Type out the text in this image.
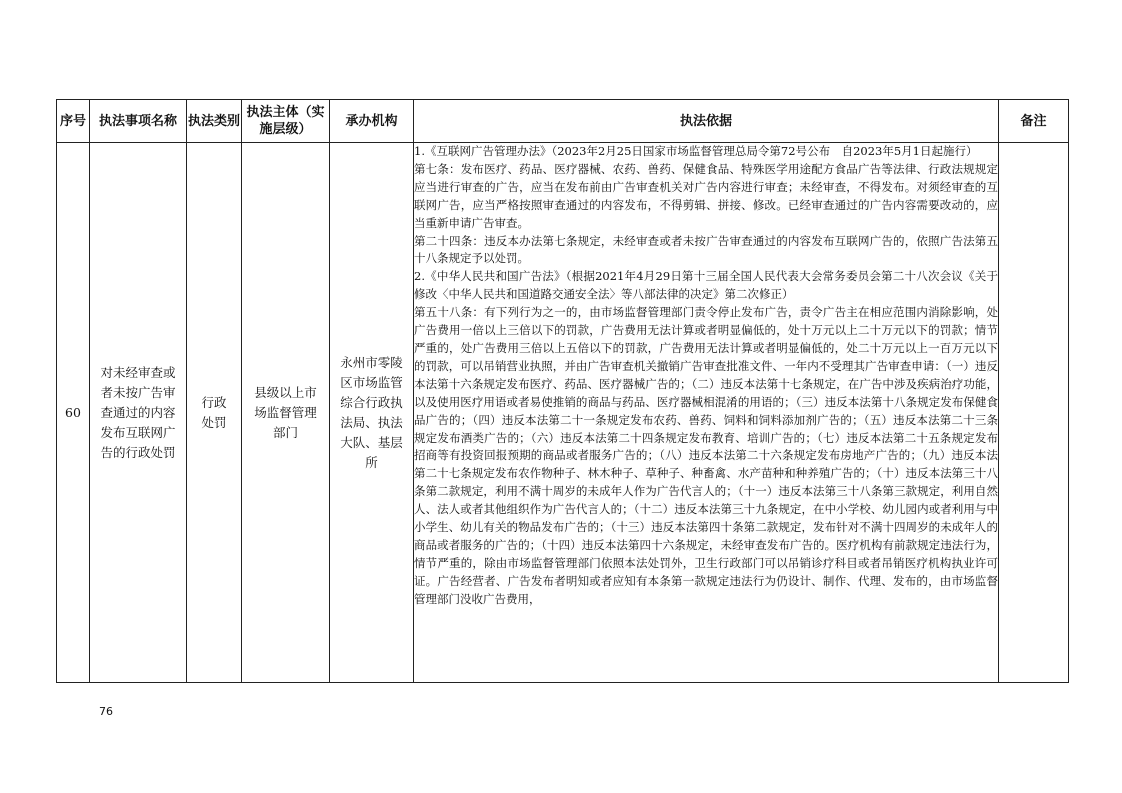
序号	执法事项名称	执法类别	执法主体（实施层级）	承办机构	执法依据	备注

60	对未经审查或者未按广告审查通过的内容发布互联网广告的行政处罚	行政处罚	县级以上市场监督管理部门	永州市零陵区市场监管综合行政执法局、执法大队、基层所	1.《互联网广告管理办法》（2023年2月25日国家市场监督管理总局令第72号公布　自2023年5月1日起施行）

第七条：发布医疗、药品、医疗器械、农药、兽药、保健食品、特殊医学用途配方食品广告等法律、行政法规规定应当进行审查的广告，应当在发布前由广告审查机关对广告内容进行审查；未经审查，不得发布。对须经审查的互联网广告，应当严格按照审查通过的内容发布，不得剪辑、拼接、修改。已经审查通过的广告内容需要改动的，应当重新申请广告审查。

第二十四条：违反本办法第七条规定，未经审查或者未按广告审查通过的内容发布互联网广告的，依照广告法第五十八条规定予以处罚。

2.《中华人民共和国广告法》（根据2021年4月29日第十三届全国人民代表大会常务委员会第二十八次会议《关于修改〈中华人民共和国道路交通安全法〉等八部法律的决定》第二次修正）

第五十八条：有下列行为之一的，由市场监督管理部门责令停止发布广告，责令广告主在相应范围内消除影响，处广告费用一倍以上三倍以下的罚款，广告费用无法计算或者明显偏低的，处十万元以上二十万元以下的罚款；情节严重的，处广告费用三倍以上五倍以下的罚款，广告费用无法计算或者明显偏低的，处二十万元以上一百万元以下的罚款，可以吊销营业执照，并由广告审查机关撤销广告审查批准文件、一年内不受理其广告审查申请：（一）违反本法第十六条规定发布医疗、药品、医疗器械广告的；（二）违反本法第十七条规定，在广告中涉及疾病治疗功能，以及使用医疗用语或者易使推销的商品与药品、医疗器械相混淆的用语的；（三）违反本法第十八条规定发布保健食品广告的；（四）违反本法第二十一条规定发布农药、兽药、饲料和饲料添加剂广告的；（五）违反本法第二十三条规定发布酒类广告的；（六）违反本法第二十四条规定发布教育、培训广告的；（七）违反本法第二十五条规定发布招商等有投资回报预期的商品或者服务广告的；（八）违反本法第二十六条规定发布房地产广告的；（九）违反本法第二十七条规定发布农作物种子、林木种子、草种子、种畜禽、水产苗种和种养殖广告的；（十）违反本法第三十八条第二款规定，利用不满十周岁的未成年人作为广告代言人的；（十一）违反本法第三十八条第三款规定，利用自然人、法人或者其他组织作为广告代言人的；（十二）违反本法第三十九条规定，在中小学校、幼儿园内或者利用与中小学生、幼儿有关的物品发布广告的；（十三）违反本法第四十条第二款规定，发布针对不满十四周岁的未成年人的商品或者服务的广告的；（十四）违反本法第四十六条规定，未经审查发布广告的。医疗机构有前款规定违法行为，情节严重的，除由市场监督管理部门依照本法处罚外，卫生行政部门可以吊销诊疗科目或者吊销医疗机构执业许可证。广告经营者、广告发布者明知或者应知有本条第一款规定违法行为仍设计、制作、代理、发布的，由市场监督管理部门没收广告费用，	

76
